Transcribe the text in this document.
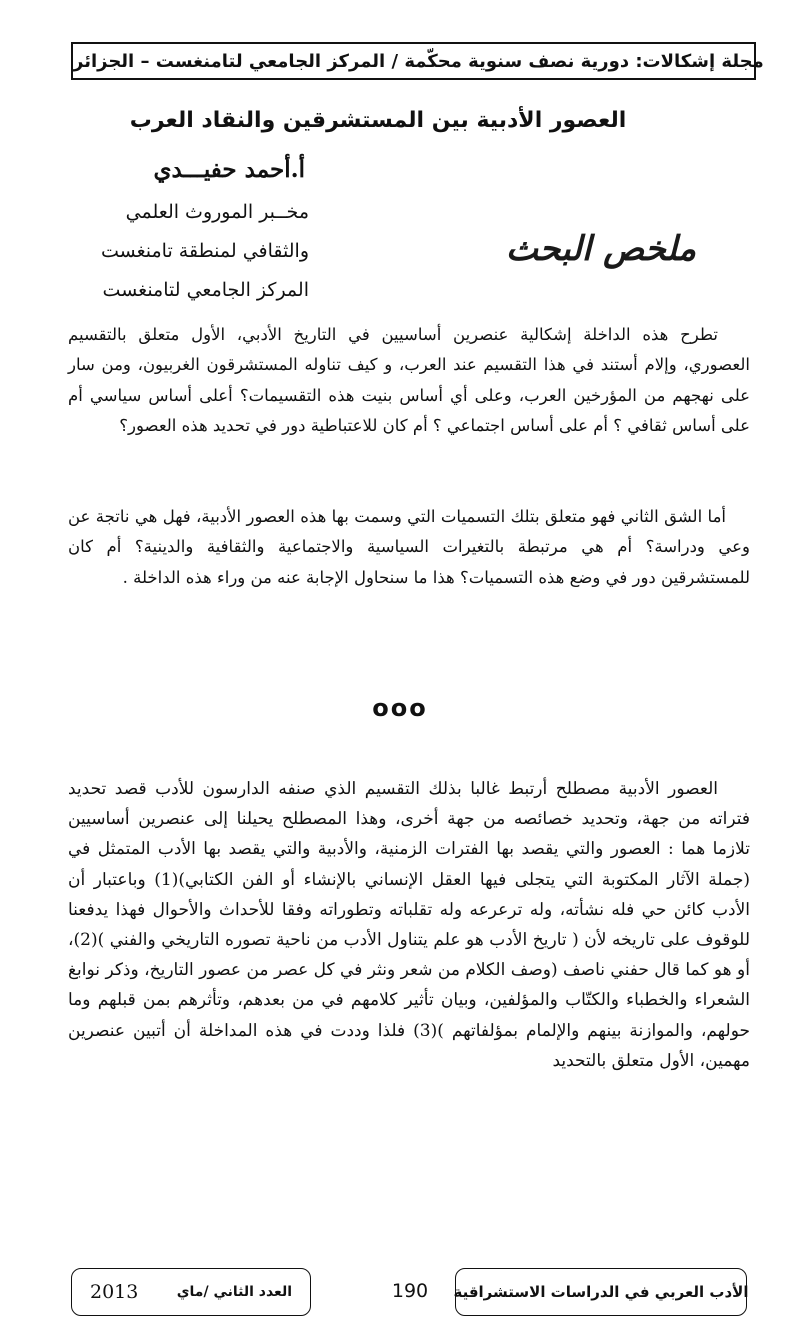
مجلة إشكالات: دورية نصف سنوية محكّمة / المركز الجامعي لتامنغست – الجزائر
العصور الأدبية بين المستشرقين والنقاد العرب
أ.أحمد حفيـــدي
مخــبر الموروث العلمي
والثقافي لمنطقة تامنغست
المركز الجامعي لتامنغست
ملخص البحث
تطرح هذه الداخلة إشكالية عنصرين أساسيين في التاريخ الأدبي، الأول متعلق بالتقسيم العصوري، وإلام أستند في هذا التقسيم عند العرب، و كيف تناوله المستشرقون الغربيون، ومن سار على نهجهم من المؤرخين العرب، وعلى أي أساس بنيت هذه التقسيمات؟ أعلى أساس سياسي أم على أساس ثقافي ؟ أم على أساس اجتماعي ؟ أم كان للاعتباطية دور في تحديد هذه العصور؟
أما الشق الثاني فهو متعلق بتلك التسميات التي وسمت بها هذه العصور الأدبية، فهل هي ناتجة عن وعي ودراسة؟ أم هي مرتبطة بالتغيرات السياسية والاجتماعية والثقافية والدينية؟ أم كان للمستشرقين دور في وضع هذه التسميات؟ هذا ما سنحاول الإجابة عنه من وراء هذه الداخلة .
ooo
العصور الأدبية مصطلح أرتبط غالبا بذلك التقسيم الذي صنفه الدارسون للأدب قصد تحديد فتراته من جهة، وتحديد خصائصه من جهة أخرى، وهذا المصطلح يحيلنا إلى عنصرين أساسيين تلازما هما : العصور والتي يقصد بها الفترات الزمنية، والأدبية والتي يقصد بها الأدب المتمثل في (جملة الآثار المكتوبة التي يتجلى فيها العقل الإنساني بالإنشاء أو الفن الكتابي)(1) وباعتبار أن الأدب كائن حي فله نشأته، وله ترعرعه وله تقلباته وتطوراته وفقا للأحداث والأحوال فهذا يدفعنا للوقوف على تاريخه لأن ( تاريخ الأدب هو علم يتناول الأدب من ناحية تصوره التاريخي والفني )(2)، أو هو كما قال حفني ناصف (وصف الكلام من شعر ونثر في كل عصر من عصور التاريخ، وذكر نوابغ الشعراء والخطباء والكتّاب والمؤلفين، وبيان تأثير كلامهم في من بعدهم، وتأثرهم بمن قبلهم وما حولهم، والموازنة بينهم والإلمام بمؤلفاتهم )(3) فلذا وددت في هذه المداخلة أن أتبين عنصرين مهمين، الأول متعلق بالتحديد
العدد الثاني /ماي
2013	190	الأدب العربي في الدراسات الاستشراقية
